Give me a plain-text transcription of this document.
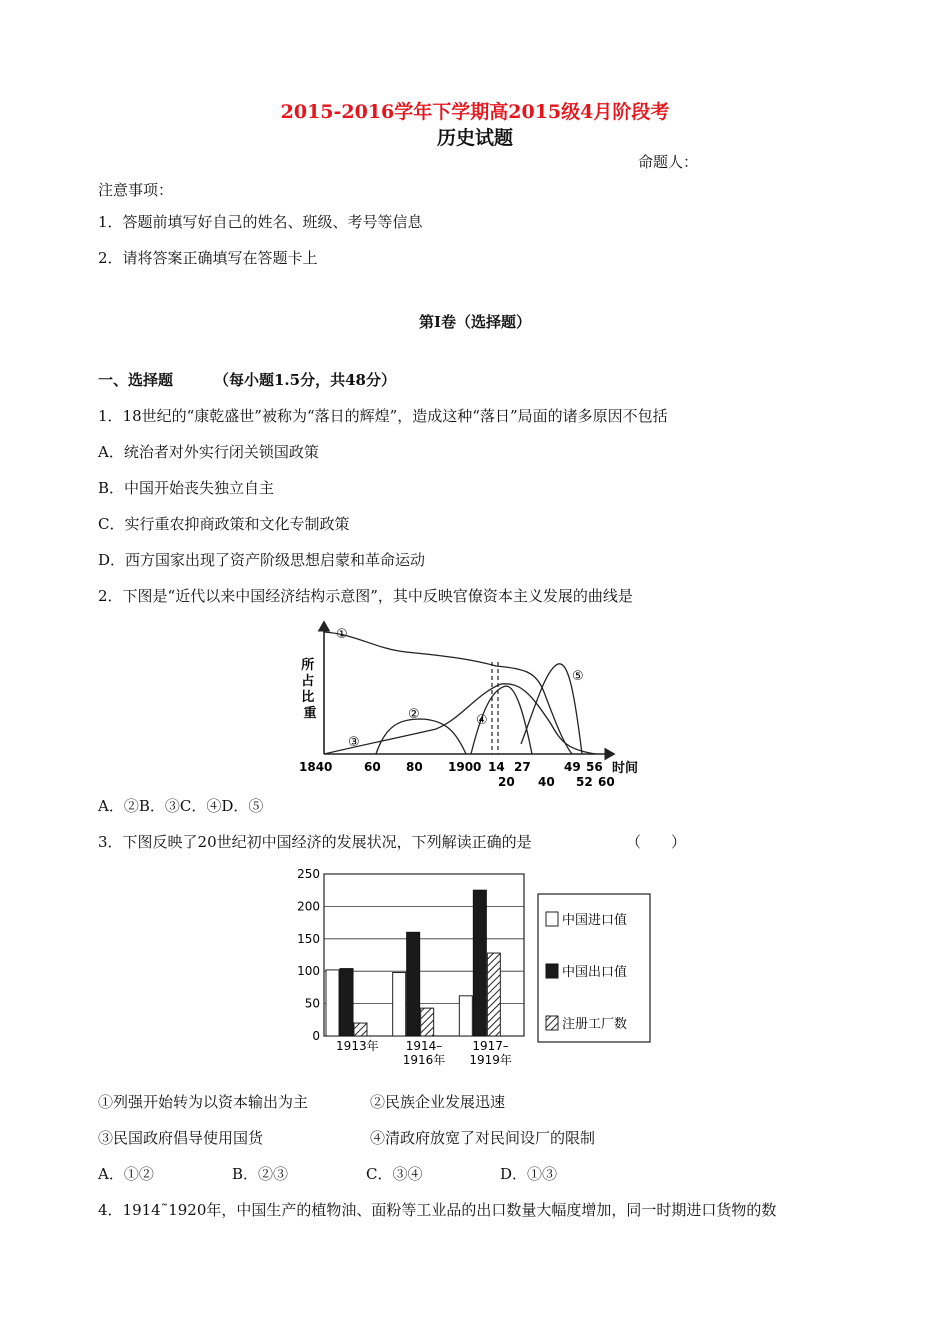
2015-2016学年下学期高2015级4月阶段考
历史试题
命题人：
注意事项：
1．答题前填写好自己的姓名、班级、考号等信息
2．请将答案正确填写在答题卡上
第I卷（选择题）
一、选择题	（每小题1.5分，共48分）
1．18世纪的“康乾盛世”被称为“落日的辉煌”，造成这种“落日”局面的诸多原因不包括
A．统治者对外实行闭关锁国政策
B．中国开始丧失独立自主
C．实行重农抑商政策和文化专制政策
D．西方国家出现了资产阶级思想启蒙和革命运动
2．下图是“近代以来中国经济结构示意图”，其中反映官僚资本主义发展的曲线是
所 占 比 重
①
②
③
④
⑤
1840	60 80 1900 14
20
27
40
49
52
56
60
时间
A．②B．③C．④D．⑤
3．下图反映了20世纪初中国经济的发展状况，下列解读正确的是	（　　）
0
50
100
150
200
250
1913年 1914–
1916年
1917–
1919年
中国进口值
中国出口值
注册工厂数
①列强开始转为以资本输出为主	②民族企业发展迅速
③民国政府倡导使用国货	④清政府放宽了对民间设厂的限制
A．①②	B．②③	C．③④	D．①③
4．1914˜1920年，中国生产的植物油、面粉等工业品的出口数量大幅度增加，同一时期进口货物的数
